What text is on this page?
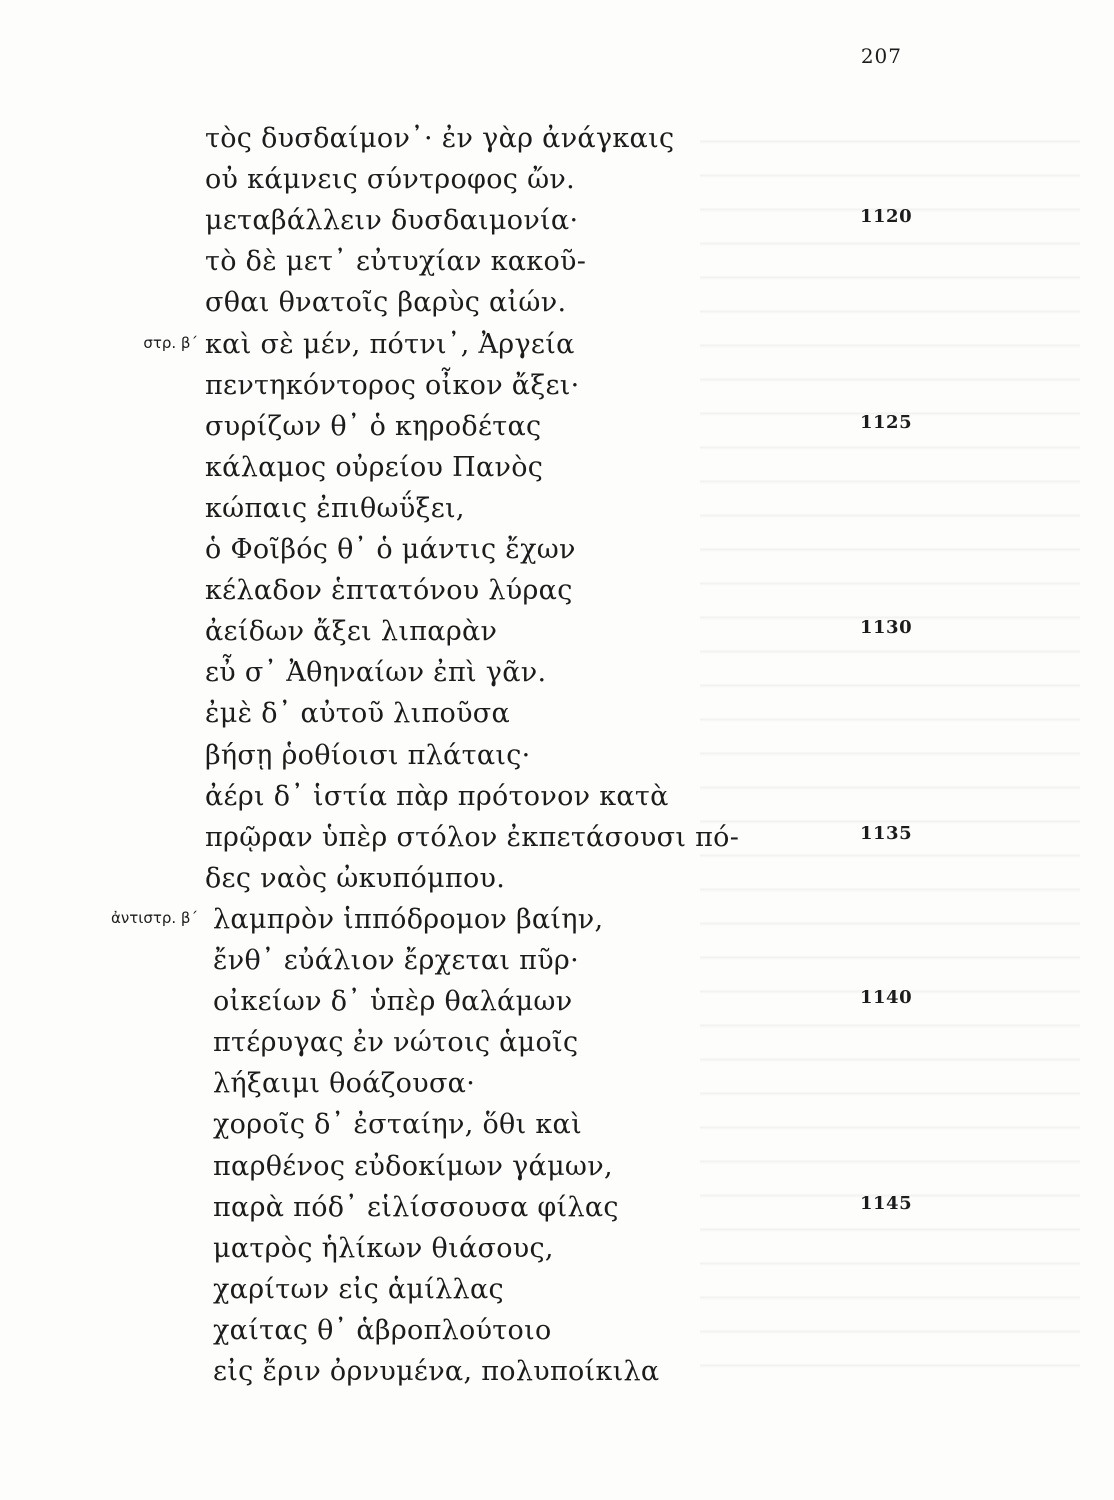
207
τὸς δυσδαίμον᾽· ἐν γὰρ ἀνάγκαις
οὐ κάμνεις σύντροφος ὤν.
μεταβάλλειν δυσδαιμονία·	1120
τὸ δὲ μετ᾽ εὐτυχίαν κακοῦ-
σθαι θνατοῖς βαρὺς αἰών.
καὶ σὲ μέν, πότνι᾽, Ἀργεία
στρ. β΄
πεντηκόντορος οἶκον ἄξει·
συρίζων θ᾽ ὁ κηροδέτας	1125
κάλαμος οὐρείου Πανὸς
κώπαις ἐπιθωΰξει,
ὁ Φοῖβός θ᾽ ὁ μάντις ἔχων
κέλαδον ἑπτατόνου λύρας
ἀείδων ἄξει λιπαρὰν	1130
εὖ σ᾽ Ἀθηναίων ἐπὶ γᾶν.
ἐμὲ δ᾽ αὐτοῦ λιποῦσα
βήσῃ ῥοθίοισι πλάταις·
ἀέρι δ᾽ ἱστία πὰρ πρότονον κατὰ
πρῷραν ὑπὲρ στόλον ἐκπετάσουσι πό-	1135
δες ναὸς ὠκυπόμπου.
λαμπρὸν ἱππόδρομον βαίην,
ἀντιστρ. β΄
ἔνθ᾽ εὐάλιον ἔρχεται πῦρ·
οἰκείων δ᾽ ὑπὲρ θαλάμων	1140
πτέρυγας ἐν νώτοις ἁμοῖς
λήξαιμι θοάζουσα·
χοροῖς δ᾽ ἐσταίην, ὅθι καὶ
παρθένος εὐδοκίμων γάμων,
παρὰ πόδ᾽ εἱλίσσουσα φίλας	1145
ματρὸς ἡλίκων θιάσους,
χαρίτων εἰς ἁμίλλας
χαίτας θ᾽ ἁβροπλούτοιο
εἰς ἔριν ὀρνυμένα, πολυποίκιλα
